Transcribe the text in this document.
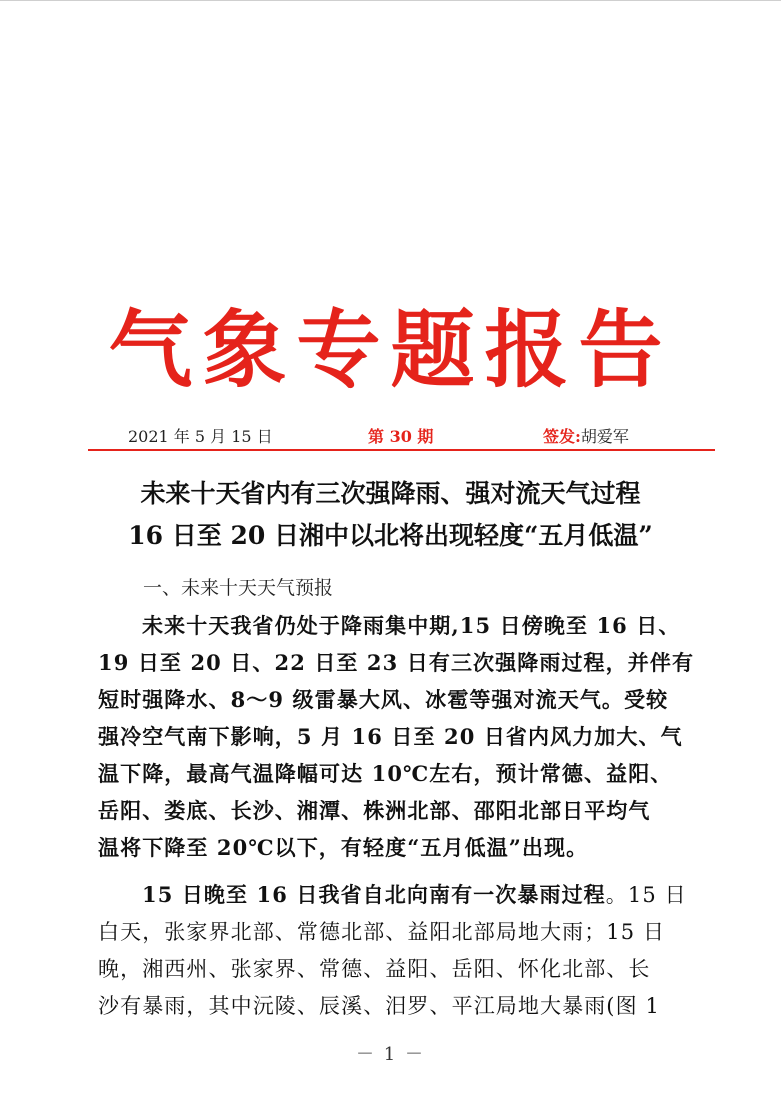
气象专题报告
2021 年 5 月 15 日	第 30 期	签发:胡爱军
未来十天省内有三次强降雨、强对流天气过程
16 日至 20 日湘中以北将出现轻度“五月低温”
一、未来十天天气预报
未来十天我省仍处于降雨集中期,15 日傍晚至 16 日、
19 日至 20 日、22 日至 23 日有三次强降雨过程，并伴有
短时强降水、8～9 级雷暴大风、冰雹等强对流天气。受较
强冷空气南下影响，5 月 16 日至 20 日省内风力加大、气
温下降，最高气温降幅可达 10℃左右，预计常德、益阳、
岳阳、娄底、长沙、湘潭、株洲北部、邵阳北部日平均气
温将下降至 20℃以下，有轻度“五月低温”出现。
15 日晚至 16 日我省自北向南有一次暴雨过程。15 日
白天，张家界北部、常德北部、益阳北部局地大雨；15 日
晚，湘西州、张家界、常德、益阳、岳阳、怀化北部、长
沙有暴雨，其中沅陵、辰溪、汨罗、平江局地大暴雨(图 1
－ 1 －
